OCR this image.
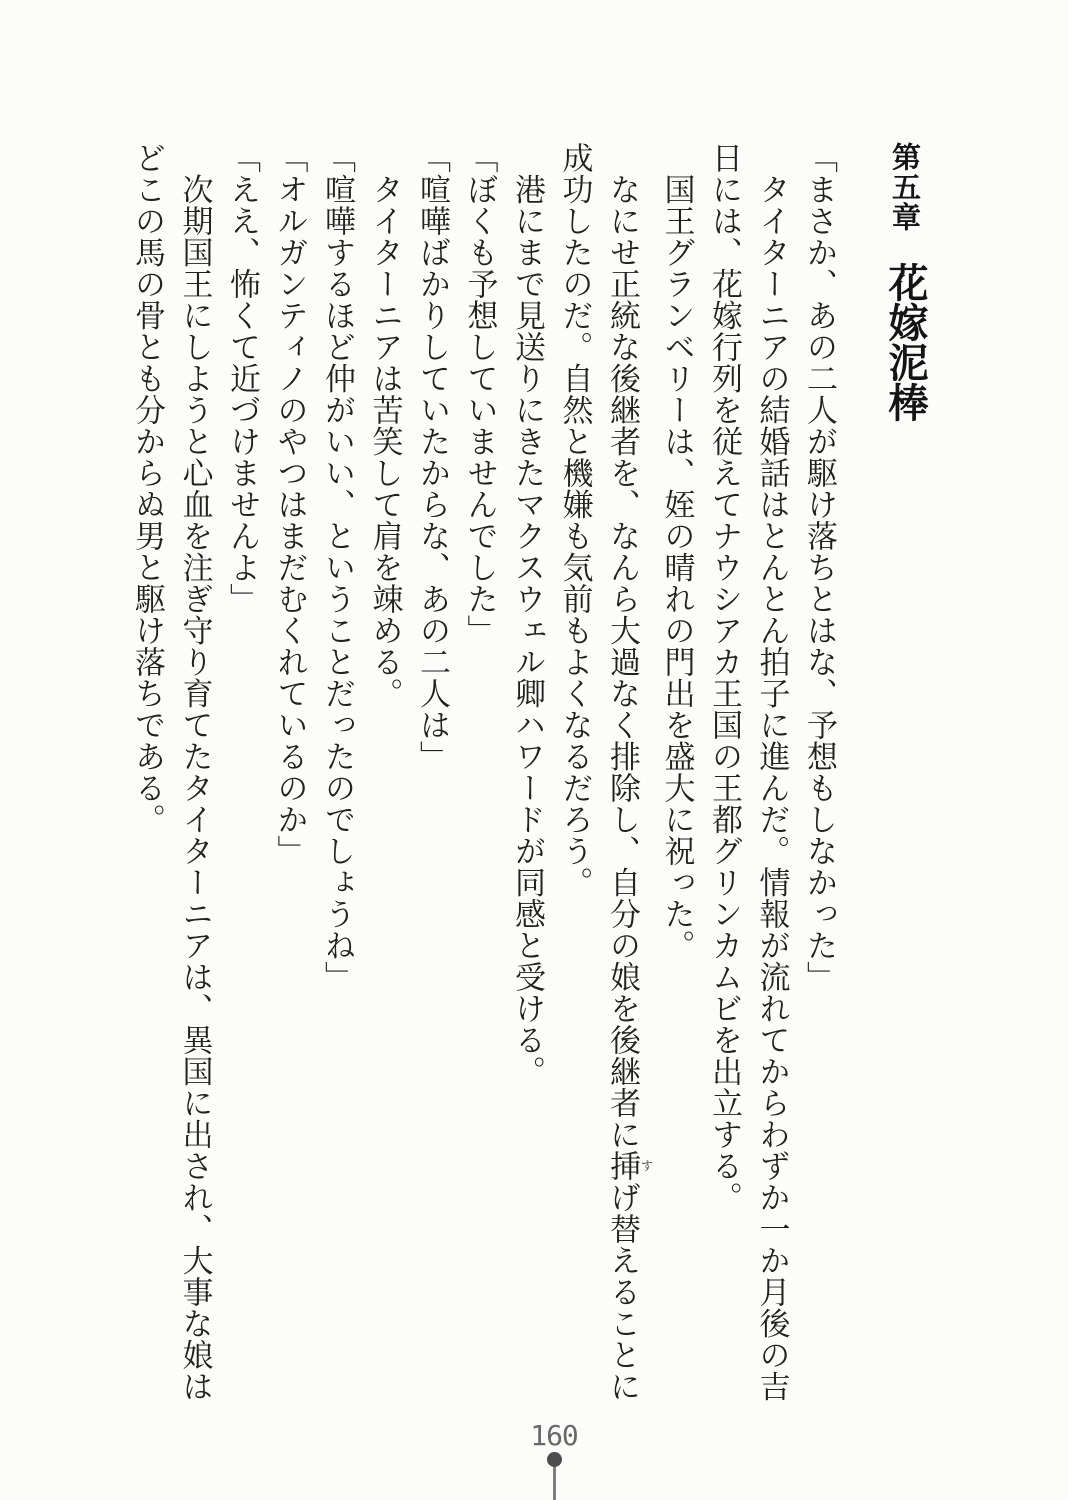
第五章花嫁泥棒
「まさか、あの二人が駆け落ちとはな、予想もしなかった」
　タイターニアの結婚話はとんとん拍子に進んだ。情報が流れてからわずか一か月後の吉
日には、花嫁行列を従えてナウシアカ王国の王都グリンカムビを出立する。
　国王グランベリーは、姪の晴れの門出を盛大に祝った。
　なにせ正統な後継者を、なんら大過なく排除し、自分の娘を後継者に挿すげ替えることに
成功したのだ。自然と機嫌も気前もよくなるだろう。
　港にまで見送りにきたマクスウェル卿ハワードが同感と受ける。
「ぼくも予想していませんでした」
「喧嘩ばかりしていたからな、あの二人は」
　タイターニアは苦笑して肩を竦める。
「喧嘩するほど仲がいい、ということだったのでしょうね」
「オルガンティノのやつはまだむくれているのか」
「ええ、怖くて近づけませんよ」
　次期国王にしようと心血を注ぎ守り育てたタイターニアは、異国に出され、大事な娘は
どこの馬の骨とも分からぬ男と駆け落ちである。
160
